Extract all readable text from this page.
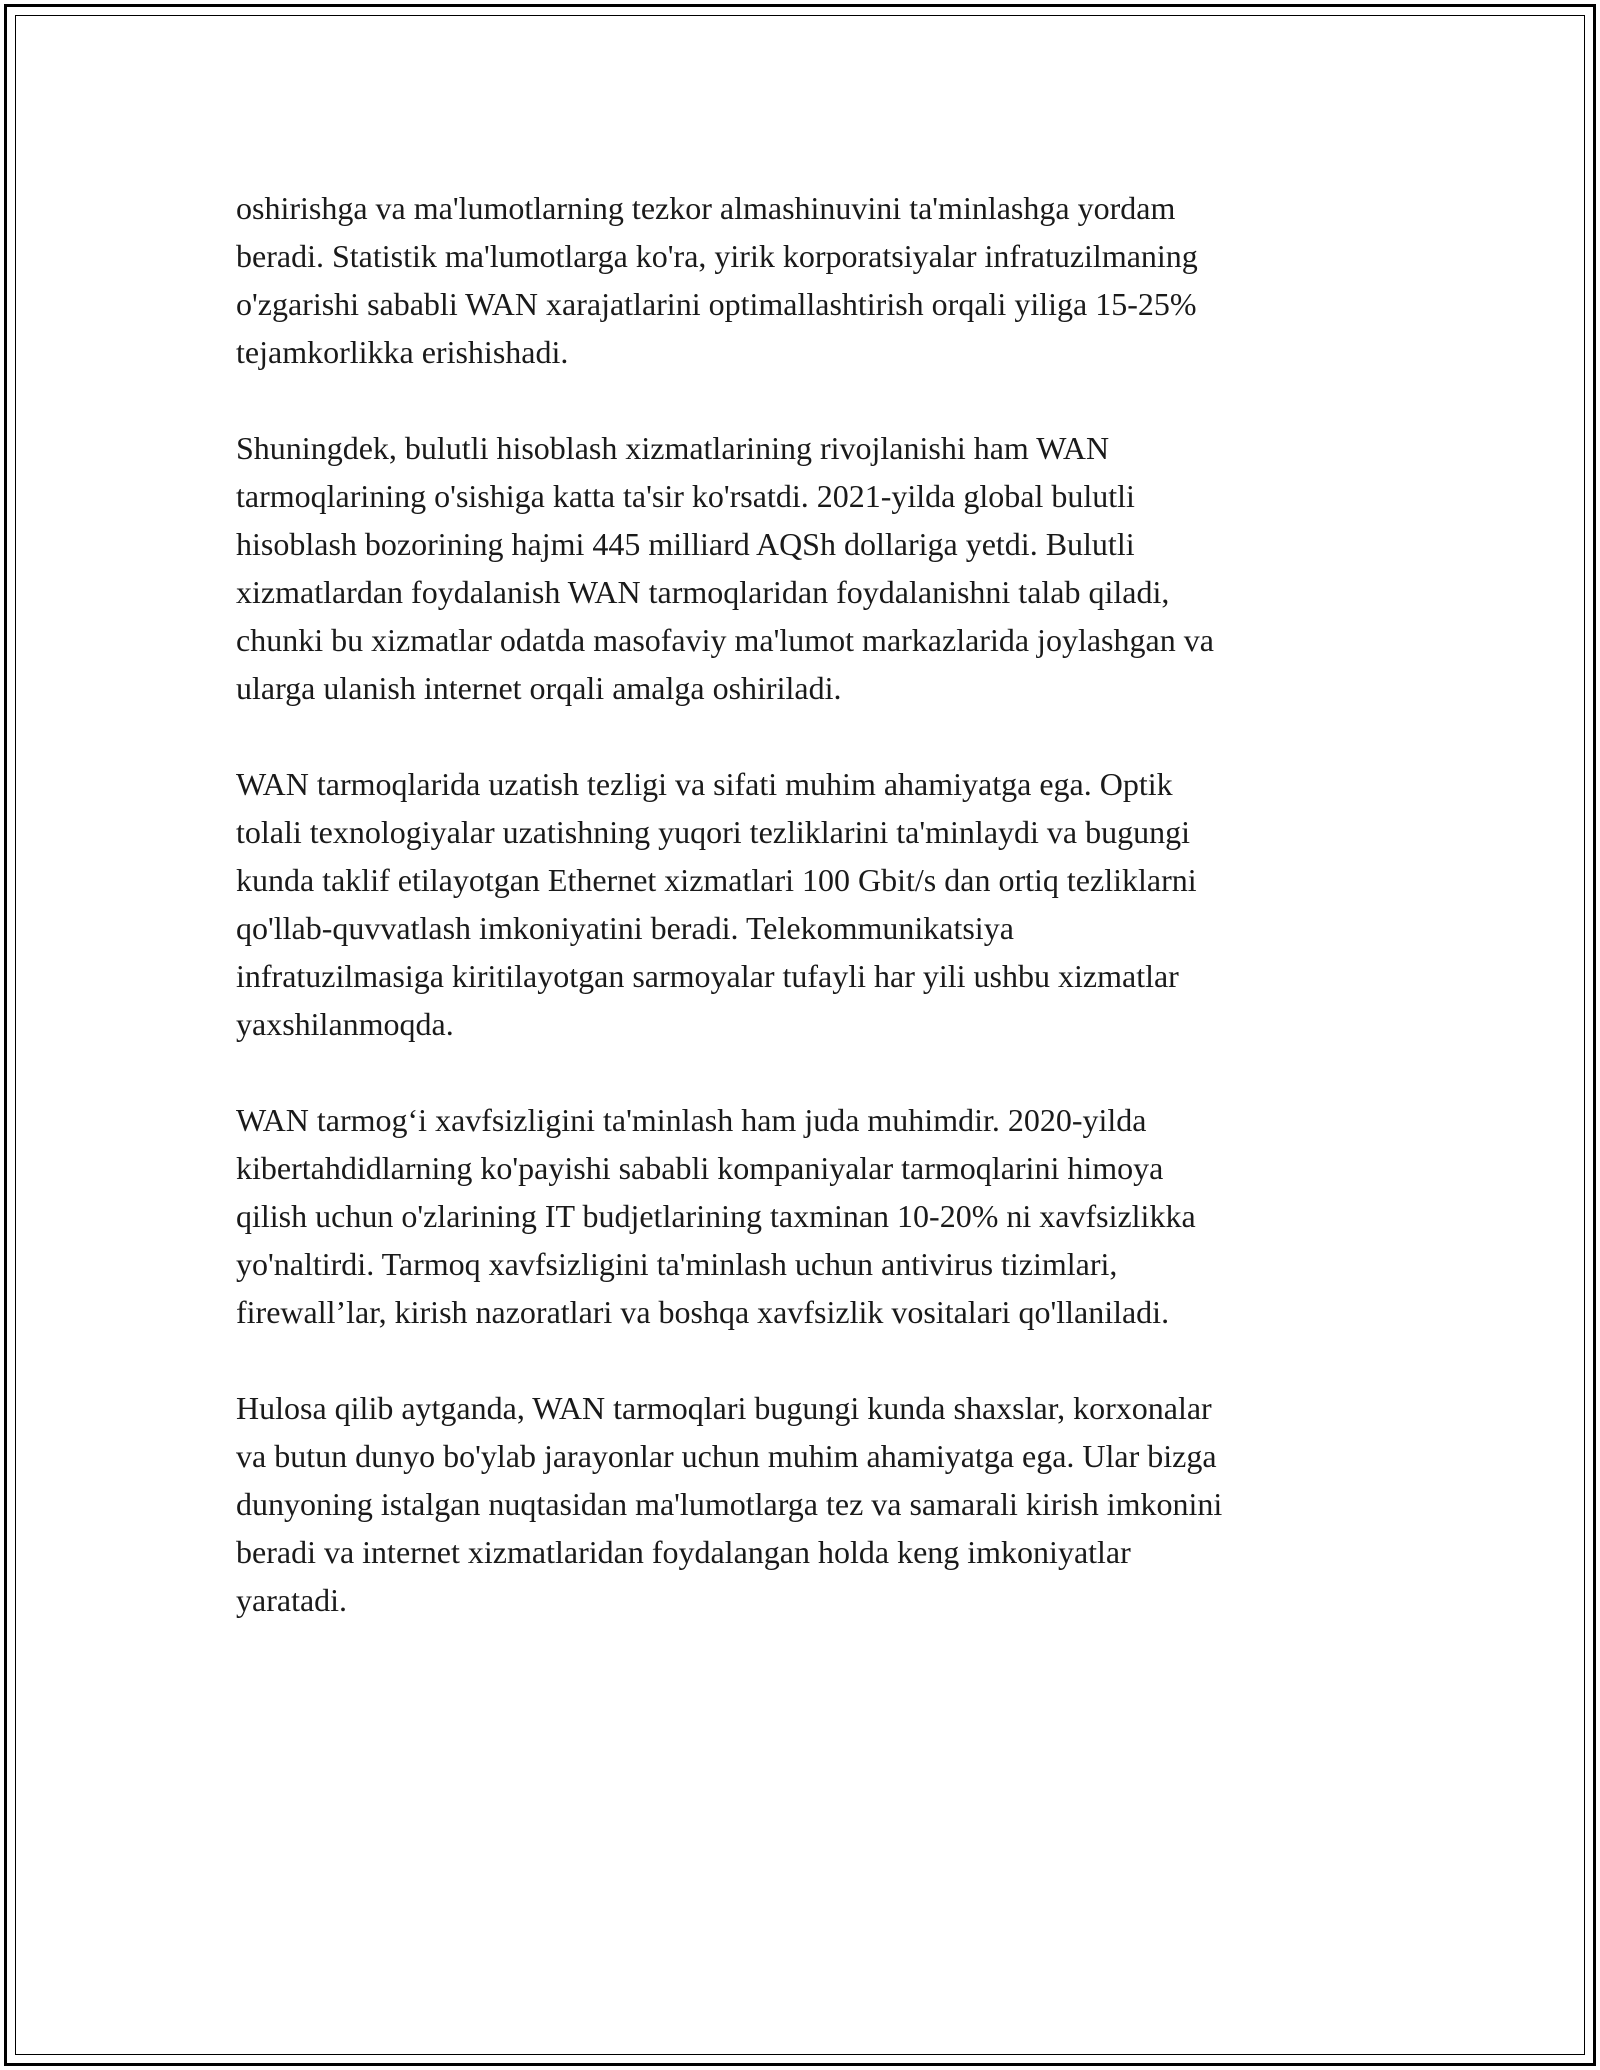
oshirishga va ma'lumotlarning tezkor almashinuvini ta'minlashga yordam
beradi. Statistik ma'lumotlarga ko'ra, yirik korporatsiyalar infratuzilmaning
o'zgarishi sababli WAN xarajatlarini optimallashtirish orqali yiliga 15-25%
tejamkorlikka erishishadi.

Shuningdek, bulutli hisoblash xizmatlarining rivojlanishi ham WAN
tarmoqlarining o'sishiga katta ta'sir ko'rsatdi. 2021-yilda global bulutli
hisoblash bozorining hajmi 445 milliard AQSh dollariga yetdi. Bulutli
xizmatlardan foydalanish WAN tarmoqlaridan foydalanishni talab qiladi,
chunki bu xizmatlar odatda masofaviy ma'lumot markazlarida joylashgan va
ularga ulanish internet orqali amalga oshiriladi.

WAN tarmoqlarida uzatish tezligi va sifati muhim ahamiyatga ega. Optik
tolali texnologiyalar uzatishning yuqori tezliklarini ta'minlaydi va bugungi
kunda taklif etilayotgan Ethernet xizmatlari 100 Gbit/s dan ortiq tezliklarni
qo'llab-quvvatlash imkoniyatini beradi. Telekommunikatsiya
infratuzilmasiga kiritilayotgan sarmoyalar tufayli har yili ushbu xizmatlar
yaxshilanmoqda.

WAN tarmog‘i xavfsizligini ta'minlash ham juda muhimdir. 2020-yilda
kibertahdidlarning ko'payishi sababli kompaniyalar tarmoqlarini himoya
qilish uchun o'zlarining IT budjetlarining taxminan 10-20% ni xavfsizlikka
yo'naltirdi. Tarmoq xavfsizligini ta'minlash uchun antivirus tizimlari,
firewall’lar, kirish nazoratlari va boshqa xavfsizlik vositalari qo'llaniladi.

Hulosa qilib aytganda, WAN tarmoqlari bugungi kunda shaxslar, korxonalar
va butun dunyo bo'ylab jarayonlar uchun muhim ahamiyatga ega. Ular bizga
dunyoning istalgan nuqtasidan ma'lumotlarga tez va samarali kirish imkonini
beradi va internet xizmatlaridan foydalangan holda keng imkoniyatlar
yaratadi.
